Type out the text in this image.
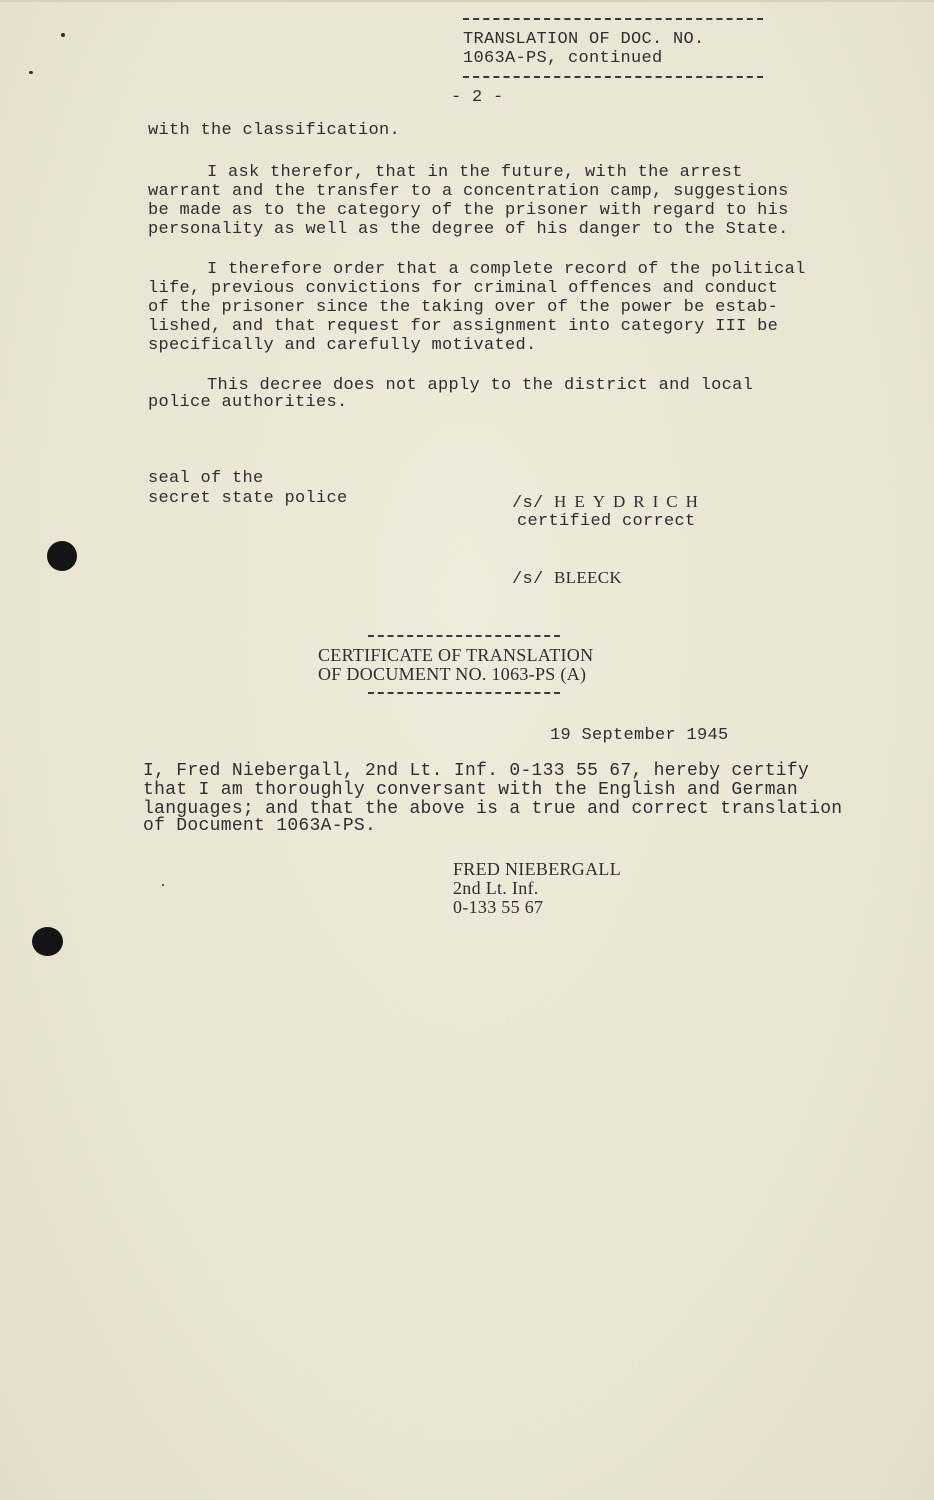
TRANSLATION OF DOC. NO.
1063A-PS, continued
- 2 -
with the classification.
I ask therefor, that in the future, with the arrest
warrant and the transfer to a concentration camp, suggestions
be made as to the category of the prisoner with regard to his
personality as well as the degree of his danger to the State.
I therefore order that a complete record of the political
life, previous convictions for criminal offences and conduct
of the prisoner since the taking over of the power be estab-
lished, and that request for assignment into category III be
specifically and carefully motivated.
This decree does not apply to the district and local
police authorities.
seal of the
secret state police	/s/ HEYDRICH

certified correct

/s/ BLEECK

CERTIFICATE OF TRANSLATION
OF DOCUMENT NO. 1063-PS (A)
19 September 1945
I, Fred Niebergall, 2nd Lt. Inf. 0-133 55 67, hereby certify
that I am thoroughly conversant with the English and German
languages; and that the above is a true and correct translation
of Document 1063A-PS.
FRED NIEBERGALL
2nd Lt. Inf.
0-133 55 67
